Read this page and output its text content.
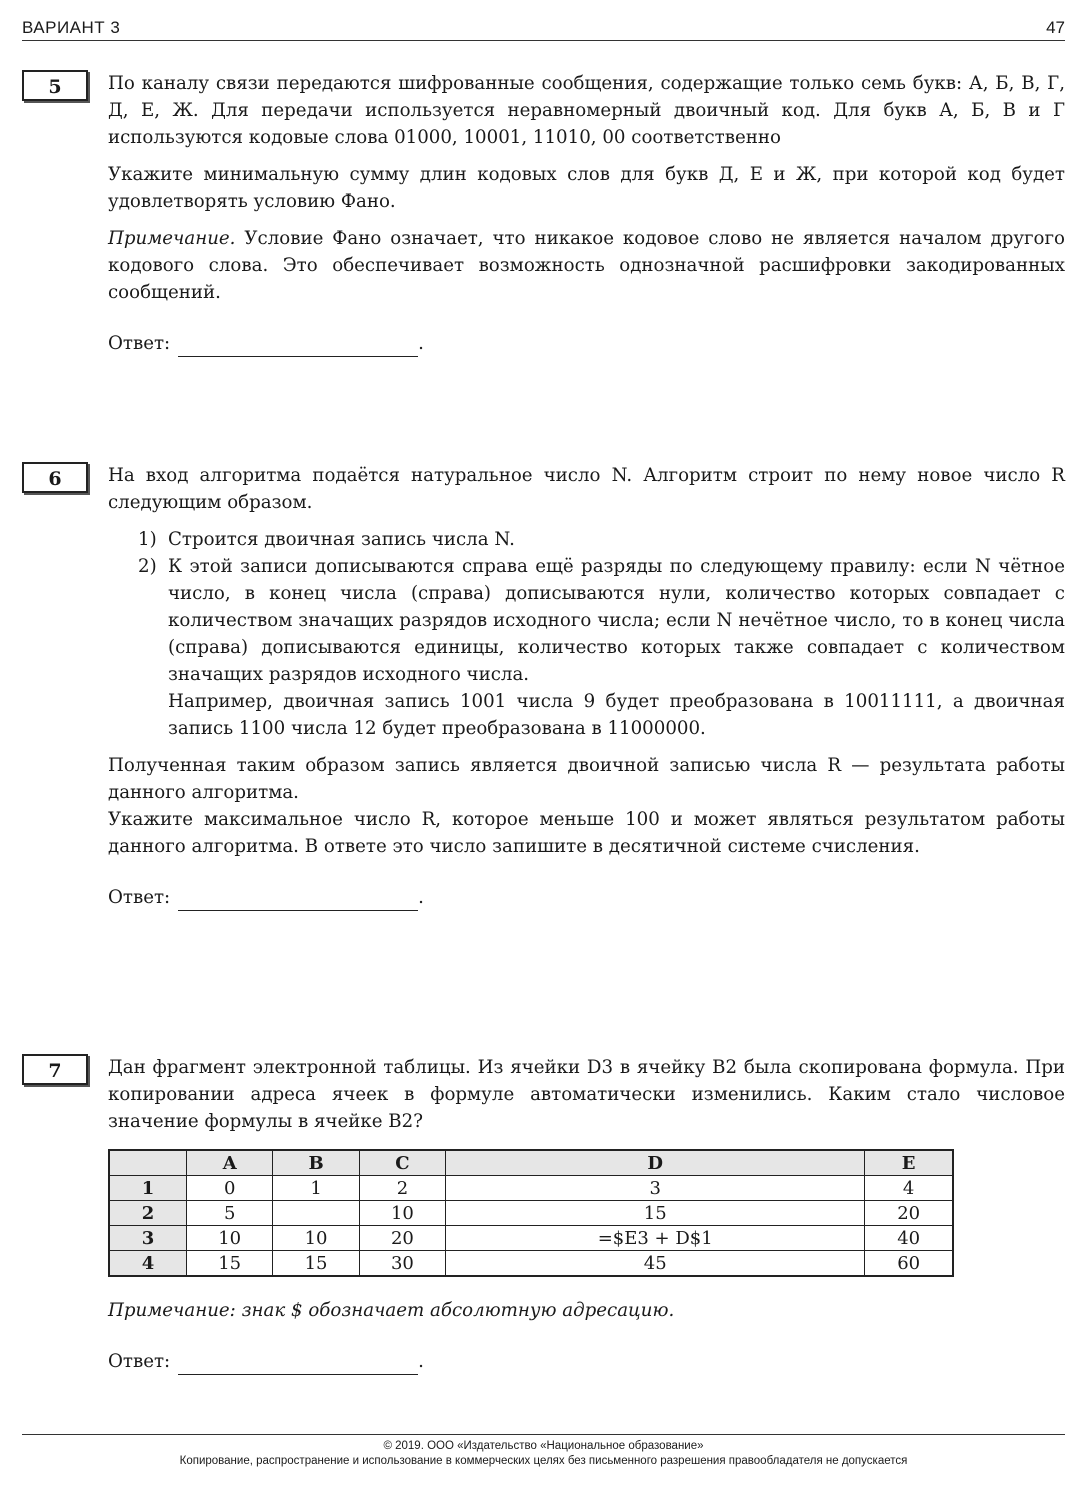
ВАРИАНТ 3	47
5	По каналу связи передаются шифрованные сообщения, содержащие только семь букв: А, Б, В, Г, Д, Е, Ж. Для передачи используется неравномерный двоичный код. Для букв А, Б, В и Г используются кодовые слова 01000, 10001, 11010, 00 соответственно

Укажите минимальную сумму длин кодовых слов для букв Д, Е и Ж, при которой код будет удовлетворять условию Фано.

Примечание. Условие Фано означает, что никакое кодовое слово не является началом другого кодового слова. Это обеспечивает возможность однозначной расшифровки закодированных сообщений.

Ответ:	.
6	На вход алгоритма подаётся натуральное число N. Алгоритм строит по нему новое число R следующим образом.

1) Строится двоичная запись числа N.
2) К этой записи дописываются справа ещё разряды по следующему правилу: если N чётное число, в конец числа (справа) дописываются нули, количество которых совпадает с количеством значащих разрядов исходного числа; если N нечётное число, то в конец числа (справа) дописываются единицы, количество которых также совпадает с количеством значащих разрядов исходного числа.
Например, двоичная запись 1001 числа 9 будет преобразована в 10011111, а двоичная запись 1100 числа 12 будет преобразована в 11000000.

Полученная таким образом запись является двоичной записью числа R — результата работы данного алгоритма.

Укажите максимальное число R, которое меньше 100 и может являться результатом работы данного алгоритма. В ответе это число запишите в десятичной системе счисления.

Ответ:	.
7	Дан фрагмент электронной таблицы. Из ячейки D3 в ячейку B2 была скопирована формула. При копировании адреса ячеек в формуле автоматически изменились. Каким стало числовое значение формулы в ячейке B2?

	A	B	C	D	E
1	0	1	2	3	4
2	5		10	15	20
3	10	10	20	=$E3 + D$1	40
4	15	15	30	45	60

Примечание: знак $ обозначает абсолютную адресацию.

Ответ:	.
© 2019. ООО «Издательство «Национальное образование»
Копирование, распространение и использование в коммерческих целях без письменного разрешения правообладателя не допускается
